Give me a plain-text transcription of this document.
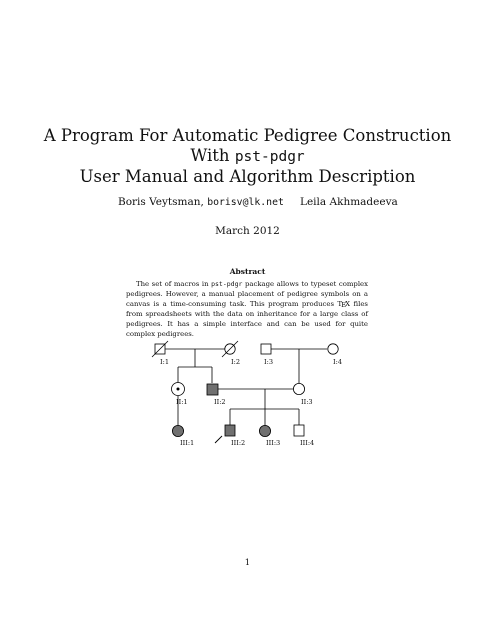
A Program For Automatic Pedigree Construction
With pst-pdgr
User Manual and Algorithm Description
Boris Veytsman, borisv@lk.net Leila Akhmadeeva
March 2012
Abstract
The set of macros in pst-pdgr package allows to typeset complex pedigrees. However, a manual placement of pedigree symbols on a canvas is a time-consuming task. This program produces TEX files from spreadsheets with the data on inheritance for a large class of pedigrees. It has a simple interface and can be used for quite complex pedigrees.
I:1	I:2	I:3	I:4
II:1	II:2	II:3
III:1	III:2	III:3	III:4
1
